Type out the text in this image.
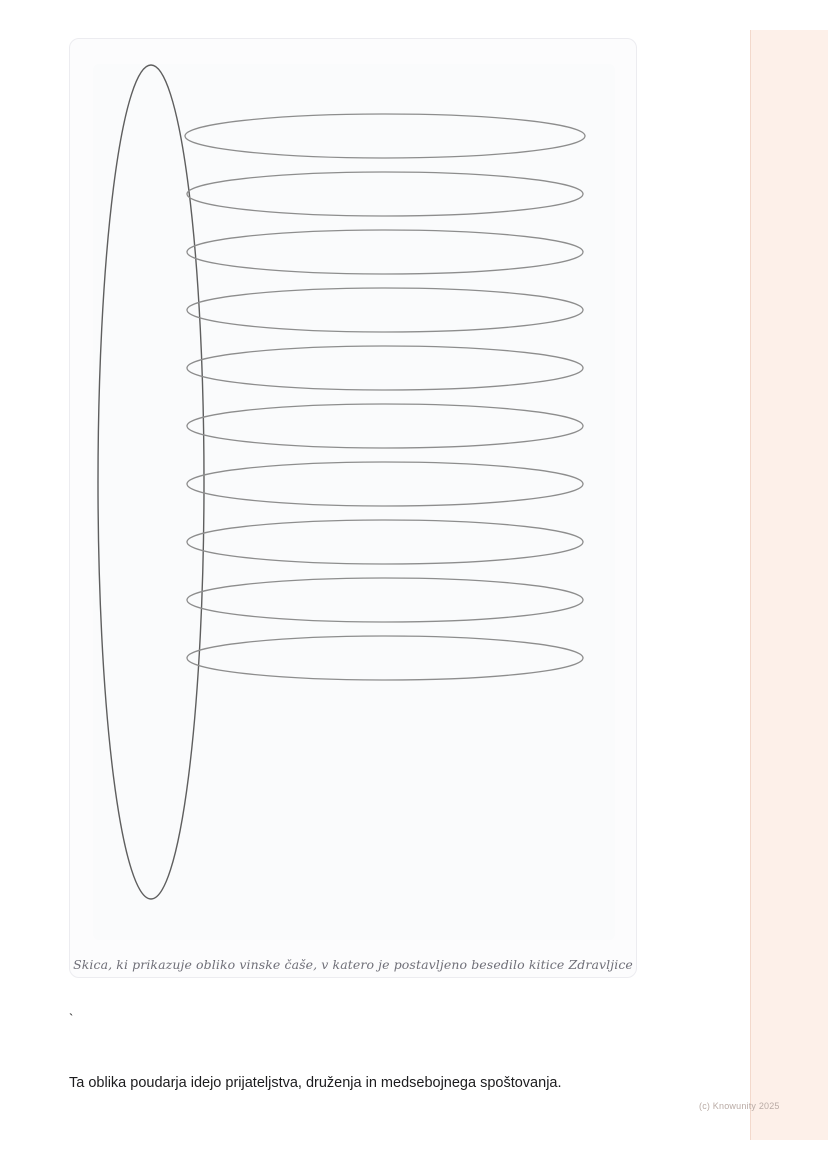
Skica, ki prikazuje obliko vinske čaše, v katero je postavljeno besedilo kitice Zdravljice
`

Ta oblika poudarja idejo prijateljstva, druženja in medsebojnega spoštovanja.

(c) Knowunity 2025
